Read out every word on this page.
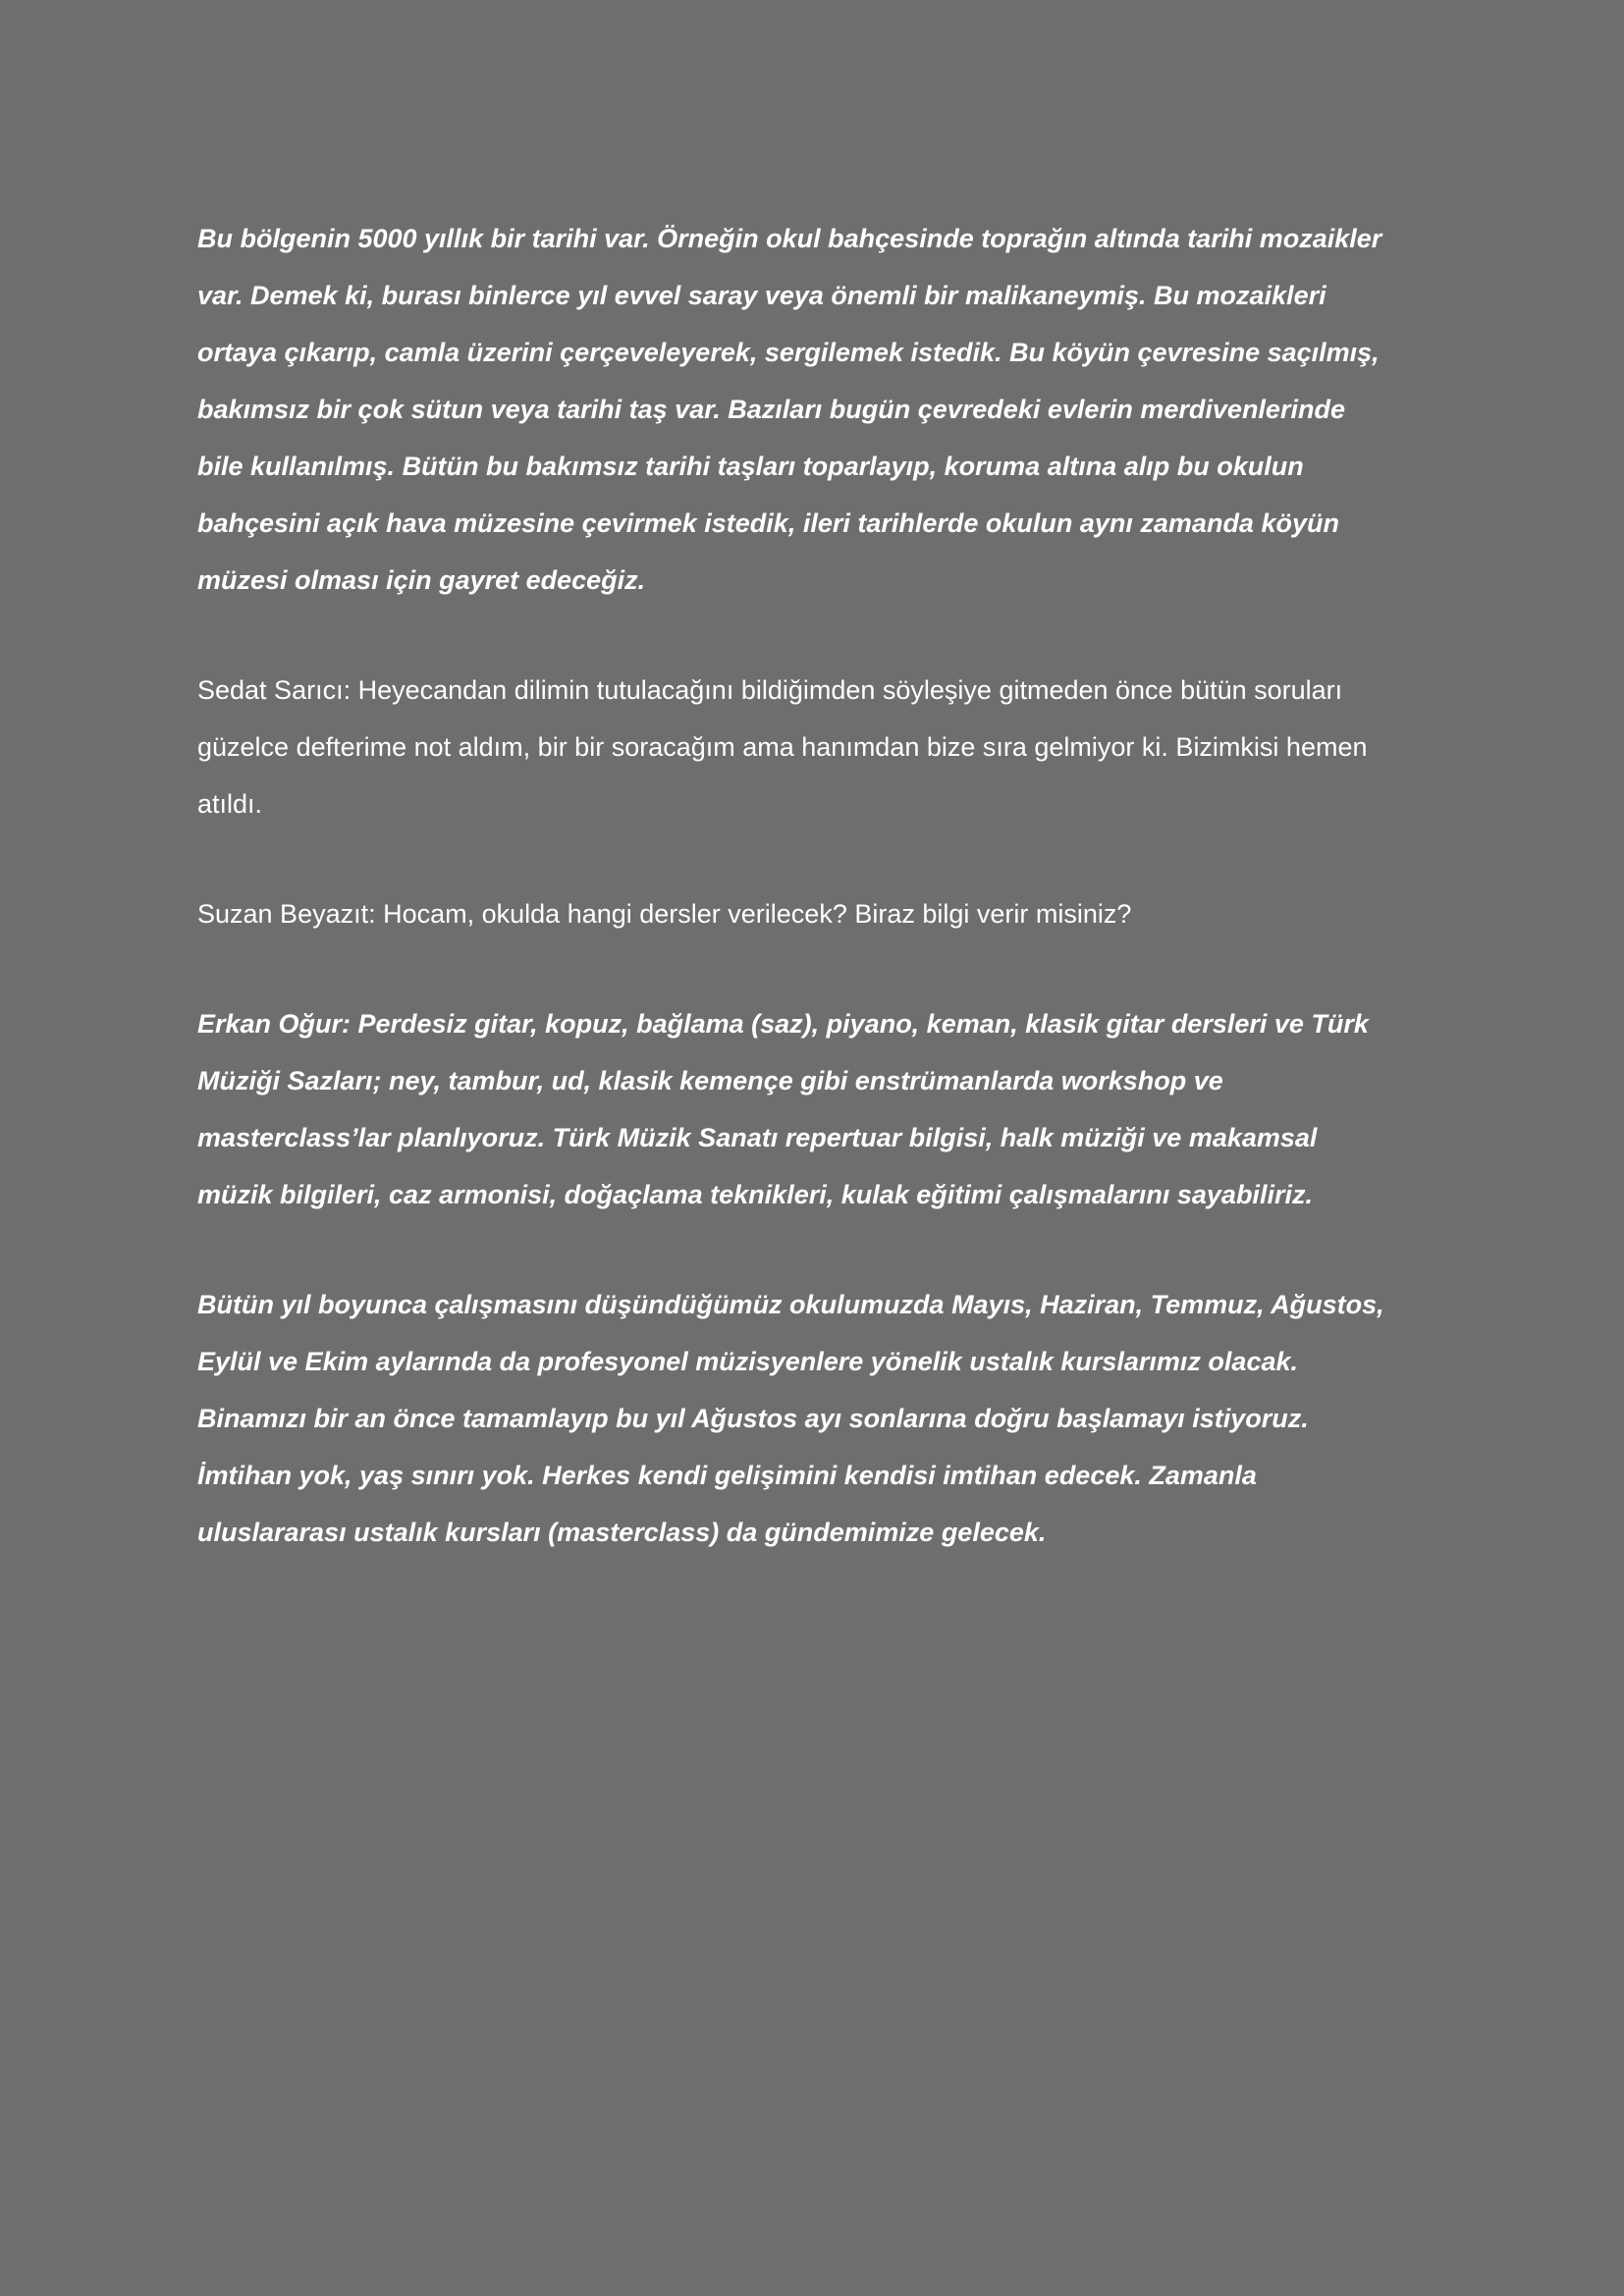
Bu bölgenin 5000 yıllık bir tarihi var. Örneğin okul bahçesinde toprağın altında tarihi mozaikler
var. Demek ki, burası binlerce yıl evvel saray veya önemli bir malikaneymiş. Bu mozaikleri
ortaya çıkarıp, camla üzerini çerçeveleyerek, sergilemek istedik. Bu köyün çevresine saçılmış,
bakımsız bir çok sütun veya tarihi taş var. Bazıları bugün çevredeki evlerin merdivenlerinde
bile kullanılmış. Bütün bu bakımsız tarihi taşları toparlayıp, koruma altına alıp bu okulun
bahçesini açık hava müzesine çevirmek istedik, ileri tarihlerde okulun aynı zamanda köyün
müzesi olması için gayret edeceğiz.

Sedat Sarıcı: Heyecandan dilimin tutulacağını bildiğimden söyleşiye gitmeden önce bütün soruları
güzelce defterime not aldım, bir bir soracağım ama hanımdan bize sıra gelmiyor ki. Bizimkisi hemen
atıldı.

Suzan Beyazıt: Hocam, okulda hangi dersler verilecek? Biraz bilgi verir misiniz?

Erkan Oğur: Perdesiz gitar, kopuz, bağlama (saz), piyano, keman, klasik gitar dersleri ve Türk
Müziği Sazları; ney, tambur, ud, klasik kemençe gibi enstrümanlarda workshop ve
masterclass’lar planlıyoruz. Türk Müzik Sanatı repertuar bilgisi, halk müziği ve makamsal
müzik bilgileri, caz armonisi, doğaçlama teknikleri, kulak eğitimi çalışmalarını sayabiliriz.

Bütün yıl boyunca çalışmasını düşündüğümüz okulumuzda Mayıs, Haziran, Temmuz, Ağustos,
Eylül ve Ekim aylarında da profesyonel müzisyenlere yönelik ustalık kurslarımız olacak.
Binamızı bir an önce tamamlayıp bu yıl Ağustos ayı sonlarına doğru başlamayı istiyoruz.
İmtihan yok, yaş sınırı yok. Herkes kendi gelişimini kendisi imtihan edecek. Zamanla
uluslararası ustalık kursları (masterclass) da gündemimize gelecek.
